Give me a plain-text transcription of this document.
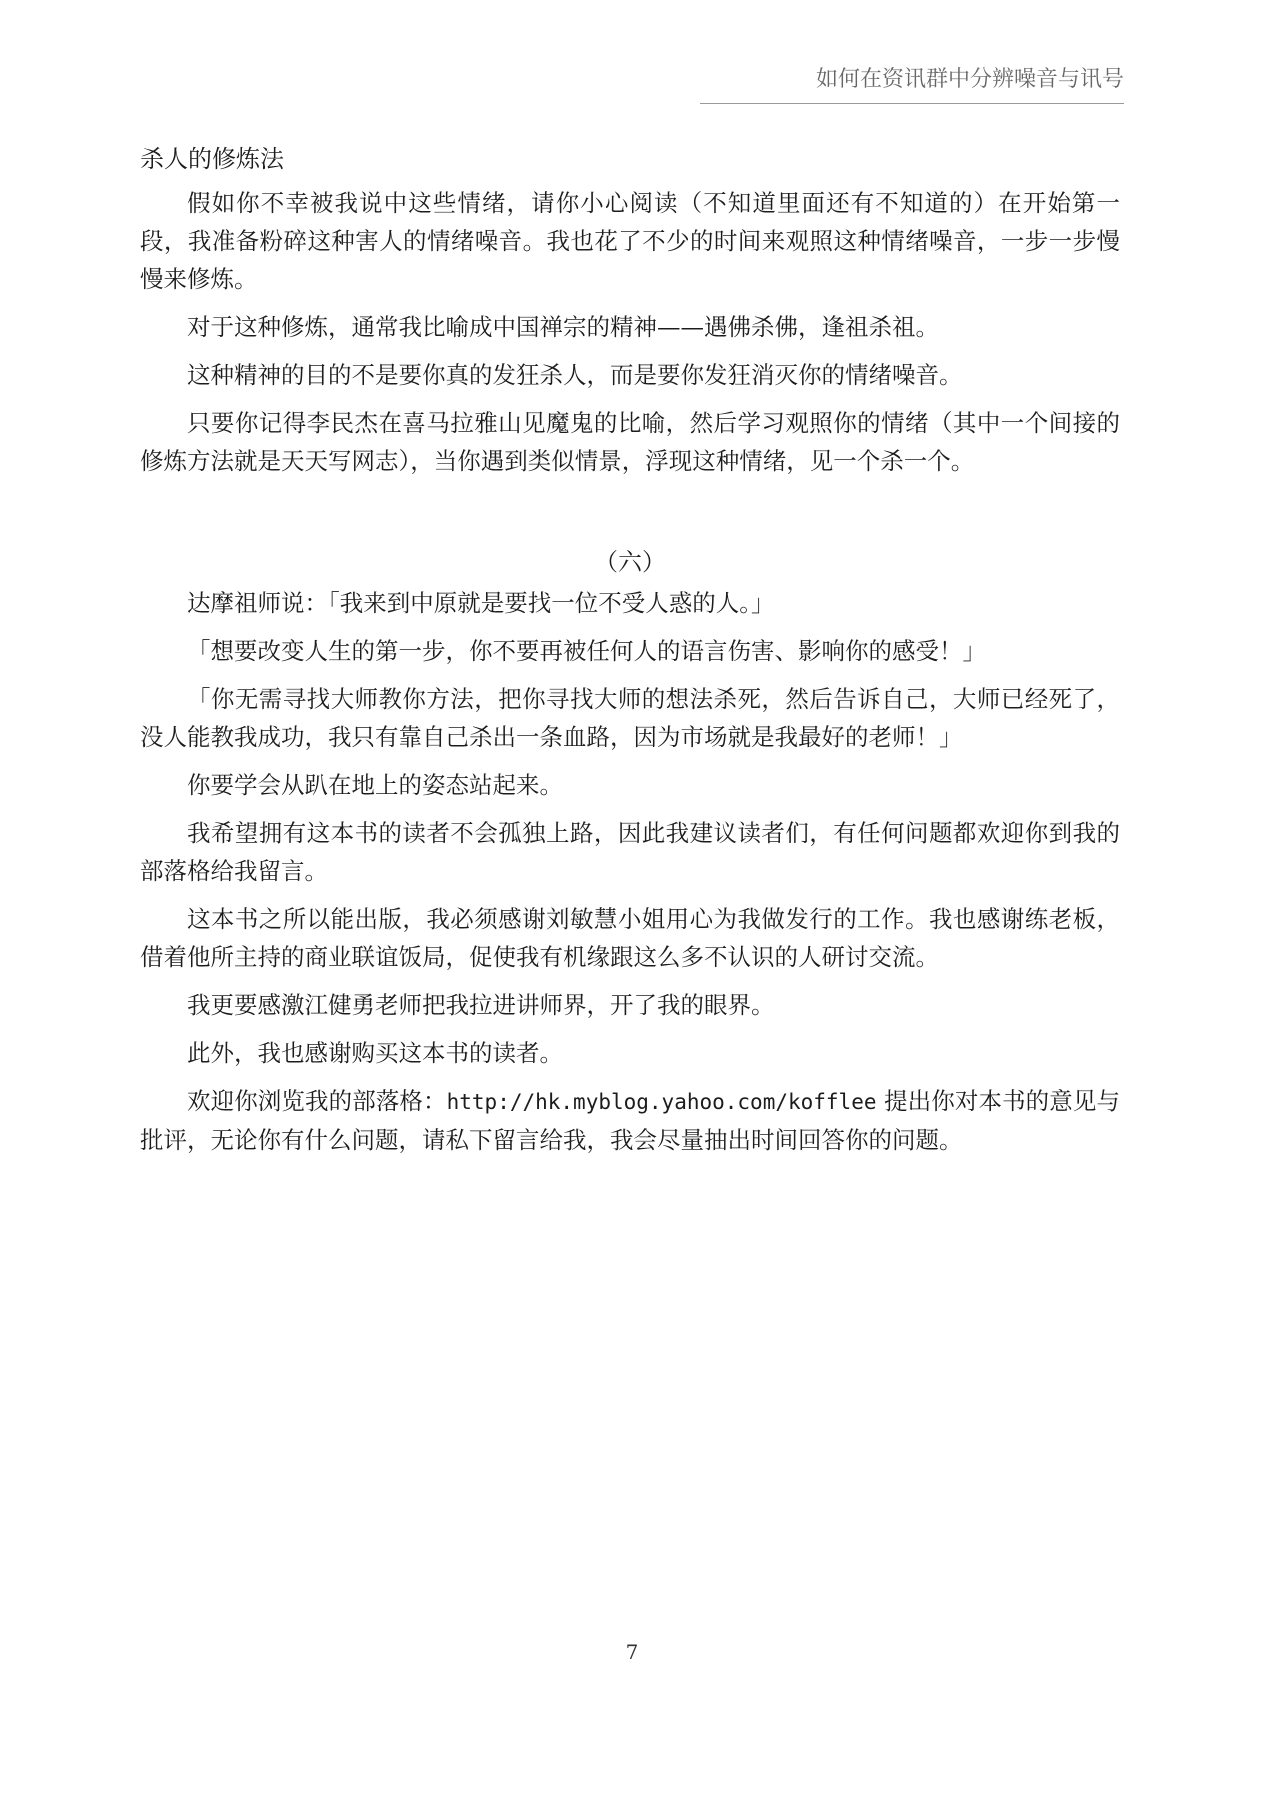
如何在资讯群中分辨噪音与讯号
杀人的修炼法

假如你不幸被我说中这些情绪，请你小心阅读（不知道里面还有不知道的）在开始第一段，我准备粉碎这种害人的情绪噪音。我也花了不少的时间来观照这种情绪噪音，一步一步慢慢来修炼。

对于这种修炼，通常我比喻成中国禅宗的精神——遇佛杀佛，逢祖杀祖。

这种精神的目的不是要你真的发狂杀人，而是要你发狂消灭你的情绪噪音。

只要你记得李民杰在喜马拉雅山见魔鬼的比喻，然后学习观照你的情绪（其中一个间接的修炼方法就是天天写网志），当你遇到类似情景，浮现这种情绪，见一个杀一个。

（六）

达摩祖师说：「我来到中原就是要找一位不受人惑的人。」

「想要改变人生的第一步，你不要再被任何人的语言伤害、影响你的感受！」

「你无需寻找大师教你方法，把你寻找大师的想法杀死，然后告诉自己，大师已经死了，没人能教我成功，我只有靠自己杀出一条血路，因为市场就是我最好的老师！」

你要学会从趴在地上的姿态站起来。

我希望拥有这本书的读者不会孤独上路，因此我建议读者们，有任何问题都欢迎你到我的部落格给我留言。

这本书之所以能出版，我必须感谢刘敏慧小姐用心为我做发行的工作。我也感谢练老板，借着他所主持的商业联谊饭局，促使我有机缘跟这么多不认识的人研讨交流。

我更要感激江健勇老师把我拉进讲师界，开了我的眼界。

此外，我也感谢购买这本书的读者。

欢迎你浏览我的部落格：http://hk.myblog.yahoo.com/kofflee 提出你对本书的意见与批评，无论你有什么问题，请私下留言给我，我会尽量抽出时间回答你的问题。

7
